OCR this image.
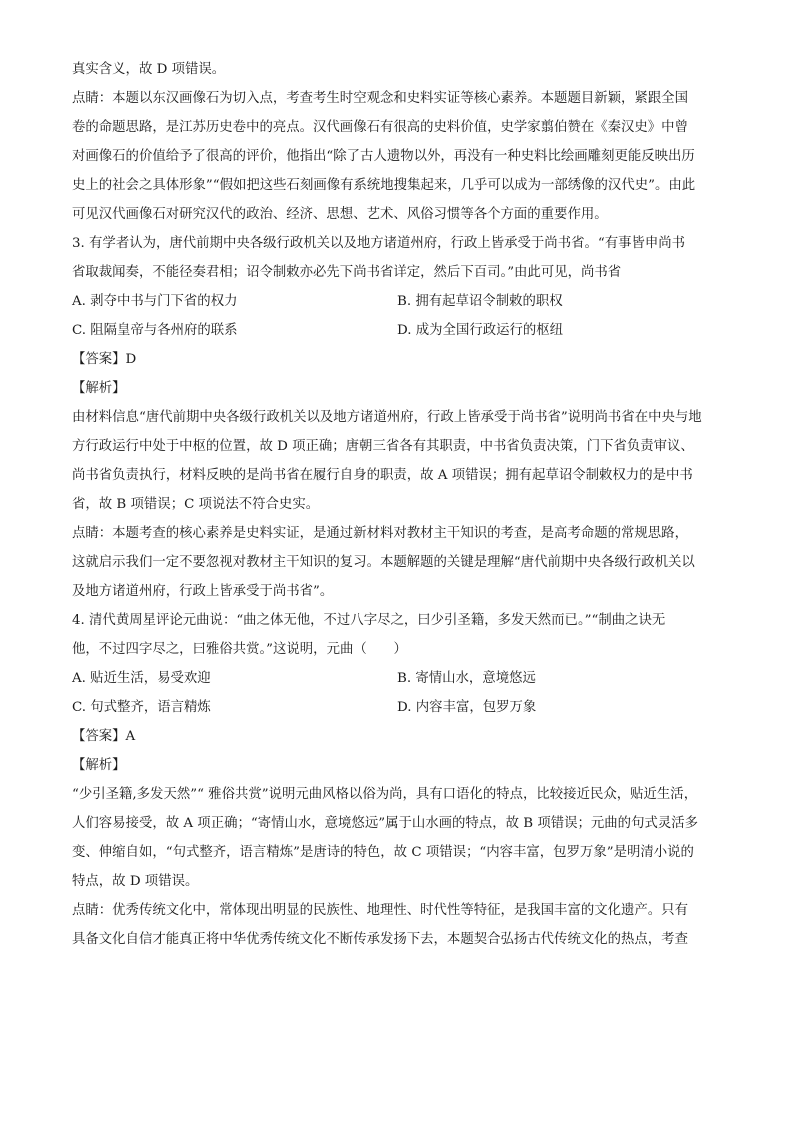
真实含义，故 D 项错误。
点睛：本题以东汉画像石为切入点，考查考生时空观念和史料实证等核心素养。本题题目新颖，紧跟全国
卷的命题思路，是江苏历史卷中的亮点。汉代画像石有很高的史料价值，史学家翦伯赞在《秦汉史》中曾
对画像石的价值给予了很高的评价，他指出“除了古人遗物以外，再没有一种史料比绘画雕刻更能反映出历
史上的社会之具体形象”“假如把这些石刻画像有系统地搜集起来，几乎可以成为一部绣像的汉代史”。由此
可见汉代画像石对研究汉代的政治、经济、思想、艺术、风俗习惯等各个方面的重要作用。
3. 有学者认为，唐代前期中央各级行政机关以及地方诸道州府，行政上皆承受于尚书省。“有事皆申尚书
省取裁闻奏，不能径奏君相；诏令制敕亦必先下尚书省详定，然后下百司。”由此可见，尚书省
A. 剥夺中书与门下省的权力	B. 拥有起草诏令制敕的职权
C. 阻隔皇帝与各州府的联系	D. 成为全国行政运行的枢纽
【答案】D
【解析】
由材料信息“唐代前期中央各级行政机关以及地方诸道州府，行政上皆承受于尚书省”说明尚书省在中央与地
方行政运行中处于中枢的位置，故 D 项正确；唐朝三省各有其职责，中书省负责决策，门下省负责审议、
尚书省负责执行，材料反映的是尚书省在履行自身的职责，故 A 项错误；拥有起草诏令制敕权力的是中书
省，故 B 项错误；C 项说法不符合史实。
点睛：本题考查的核心素养是史料实证，是通过新材料对教材主干知识的考查，是高考命题的常规思路，
这就启示我们一定不要忽视对教材主干知识的复习。本题解题的关键是理解“唐代前期中央各级行政机关以
及地方诸道州府，行政上皆承受于尚书省”。
4. 清代黄周星评论元曲说：“曲之体无他，不过八字尽之，曰少引圣籍，多发天然而已。”“制曲之诀无
他，不过四字尽之，曰雅俗共赏。”这说明，元曲（　　）
A. 贴近生活，易受欢迎	B. 寄情山水，意境悠远
C. 句式整齐，语言精炼	D. 内容丰富，包罗万象
【答案】A
【解析】
“少引圣籍,多发天然”“ 雅俗共赏”说明元曲风格以俗为尚，具有口语化的特点，比较接近民众，贴近生活，
人们容易接受，故 A 项正确；“寄情山水，意境悠远”属于山水画的特点，故 B 项错误；元曲的句式灵活多
变、伸缩自如，“句式整齐，语言精炼”是唐诗的特色，故 C 项错误；“内容丰富，包罗万象”是明清小说的
特点，故 D 项错误。
点睛：优秀传统文化中，常体现出明显的民族性、地理性、时代性等特征，是我国丰富的文化遗产。只有
具备文化自信才能真正将中华优秀传统文化不断传承发扬下去，本题契合弘扬古代传统文化的热点，考查
